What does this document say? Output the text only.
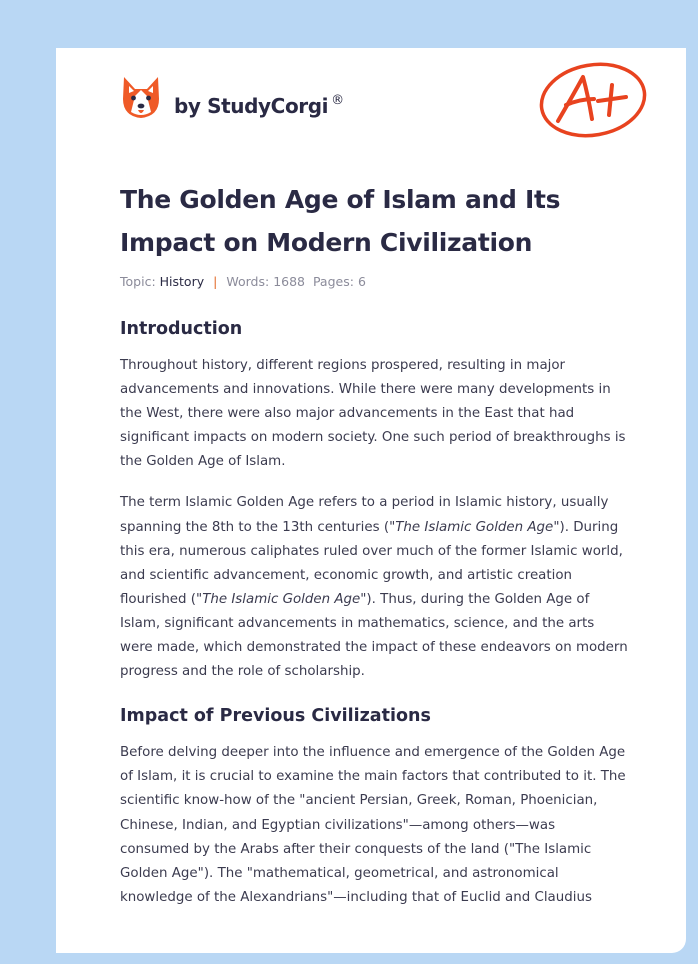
by StudyCorgi ®
The Golden Age of Islam and Its Impact on Modern Civilization
Topic: History | Words: 1688 Pages: 6
Introduction

Throughout history, different regions prospered, resulting in major advancements and innovations. While there were many developments in the West, there were also major advancements in the East that had significant impacts on modern society. One such period of breakthroughs is the Golden Age of Islam.

The term Islamic Golden Age refers to a period in Islamic history, usually spanning the 8th to the 13th centuries ("The Islamic Golden Age"). During this era, numerous caliphates ruled over much of the former Islamic world, and scientific advancement, economic growth, and artistic creation flourished ("The Islamic Golden Age"). Thus, during the Golden Age of Islam, significant advancements in mathematics, science, and the arts were made, which demonstrated the impact of these endeavors on modern progress and the role of scholarship.

Impact of Previous Civilizations

Before delving deeper into the influence and emergence of the Golden Age of Islam, it is crucial to examine the main factors that contributed to it. The scientific know-how of the "ancient Persian, Greek, Roman, Phoenician, Chinese, Indian, and Egyptian civilizations"—among others—was consumed by the Arabs after their conquests of the land ("The Islamic Golden Age"). The "mathematical, geometrical, and astronomical knowledge of the Alexandrians"—including that of Euclid and Claudius
